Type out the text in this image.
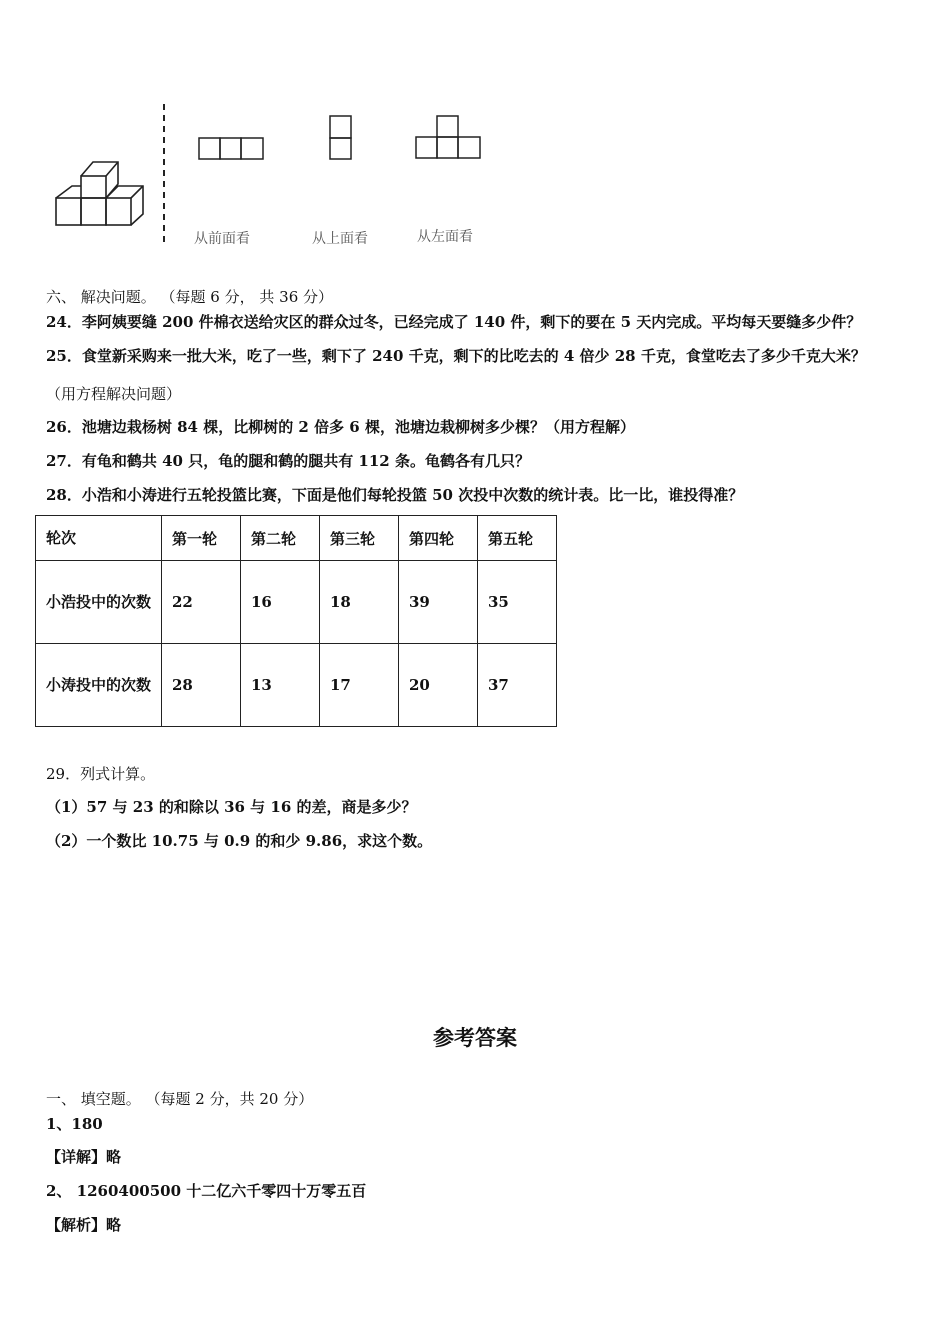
从前面看	从上面看	从左面看
六、 解决问题。 （每题 6 分， 共 36 分）
24．李阿姨要缝 200 件棉衣送给灾区的群众过冬，已经完成了 140 件，剩下的要在 5 天内完成。平均每天要缝多少件？
25．食堂新采购来一批大米，吃了一些，剩下了 240 千克，剩下的比吃去的 4 倍少 28 千克，食堂吃去了多少千克大米？
（用方程解决问题）
26．池塘边栽杨树 84 棵，比柳树的 2 倍多 6 棵，池塘边栽柳树多少棵？（用方程解）
27．有龟和鹤共 40 只，龟的腿和鹤的腿共有 112 条。龟鹤各有几只？
28．小浩和小涛进行五轮投篮比赛，下面是他们每轮投篮 50 次投中次数的统计表。比一比，谁投得准？
轮次	第一轮	第二轮	第三轮	第四轮	第五轮
小浩投中的次数	22	16	18	39	35
小涛投中的次数	28	13	17	20	37
29．列式计算。
（1）57 与 23 的和除以 36 与 16 的差，商是多少？
（2）一个数比 10.75 与 0.9 的和少 9.86，求这个数。
参考答案
一、 填空题。 （每题 2 分，共 20 分）
1、180
【详解】略
2、 1260400500 十二亿六千零四十万零五百
【解析】略
